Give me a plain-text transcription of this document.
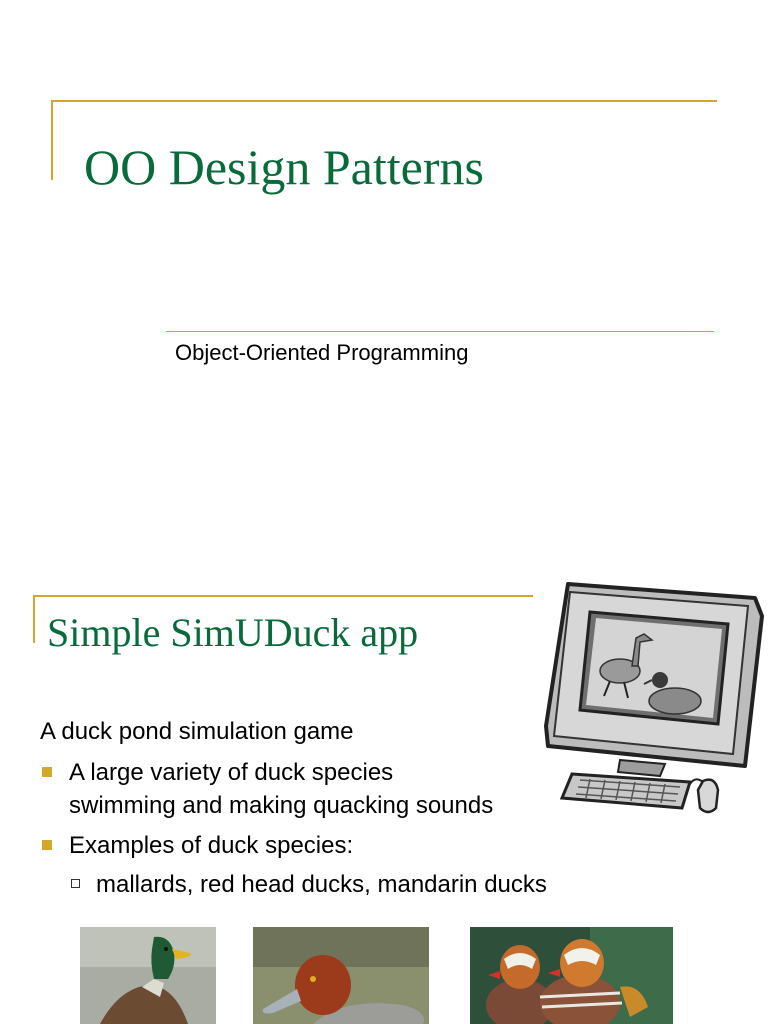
OO Design Patterns
Object-Oriented Programming
Simple SimUDuck app
A duck pond simulation game
A large variety of duck species
swimming and making quacking sounds
Examples of duck species:
mallards, red head ducks, mandarin ducks
